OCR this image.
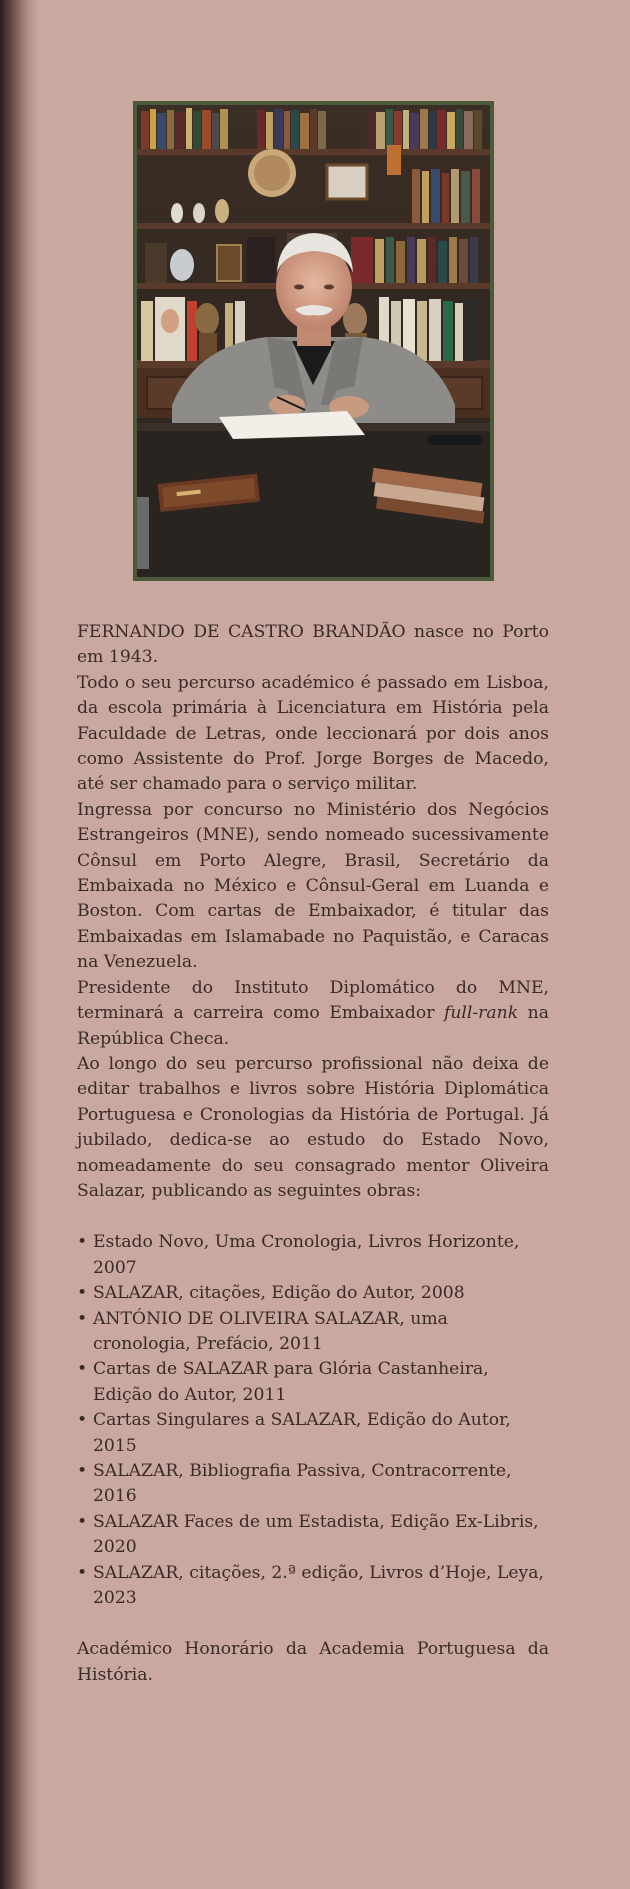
FERNANDO DE CASTRO BRANDÃO nasce no Porto em 1943.

Todo o seu percurso académico é passado em Lisboa, da escola primária à Licenciatura em História pela Faculdade de Letras, onde leccionará por dois anos como Assistente do Prof. Jorge Borges de Macedo, até ser chamado para o serviço militar.

Ingressa por concurso no Ministério dos Negócios Estrangeiros (MNE), sendo nomeado sucessivamente Cônsul em Porto Alegre, Brasil, Secretário da Embaixada no México e Cônsul-Geral em Luanda e Boston. Com cartas de Embaixador, é titular das Embaixadas em Islamabade no Paquistão, e Caracas na Venezuela.

Presidente do Instituto Diplomático do MNE, terminará a carreira como Embaixador full-rank na República Checa.

Ao longo do seu percurso profissional não deixa de editar trabalhos e livros sobre História Diplomática Portuguesa e Cronologias da História de Portugal. Já jubilado, dedica-se ao estudo do Estado Novo, nomeadamente do seu consagrado mentor Oliveira Salazar, publicando as seguintes obras:

• Estado Novo, Uma Cronologia, Livros Horizonte, 2007
• SALAZAR, citações, Edição do Autor, 2008
• ANTÓNIO DE OLIVEIRA SALAZAR, uma cronologia, Prefácio, 2011
• Cartas de SALAZAR para Glória Castanheira, Edição do Autor, 2011
• Cartas Singulares a SALAZAR, Edição do Autor, 2015
• SALAZAR, Bibliografia Passiva, Contracorrente, 2016
• SALAZAR Faces de um Estadista, Edição Ex-Libris, 2020
• SALAZAR, citações, 2.ª edição, Livros d’Hoje, Leya, 2023

Académico Honorário da Academia Portuguesa da História.
